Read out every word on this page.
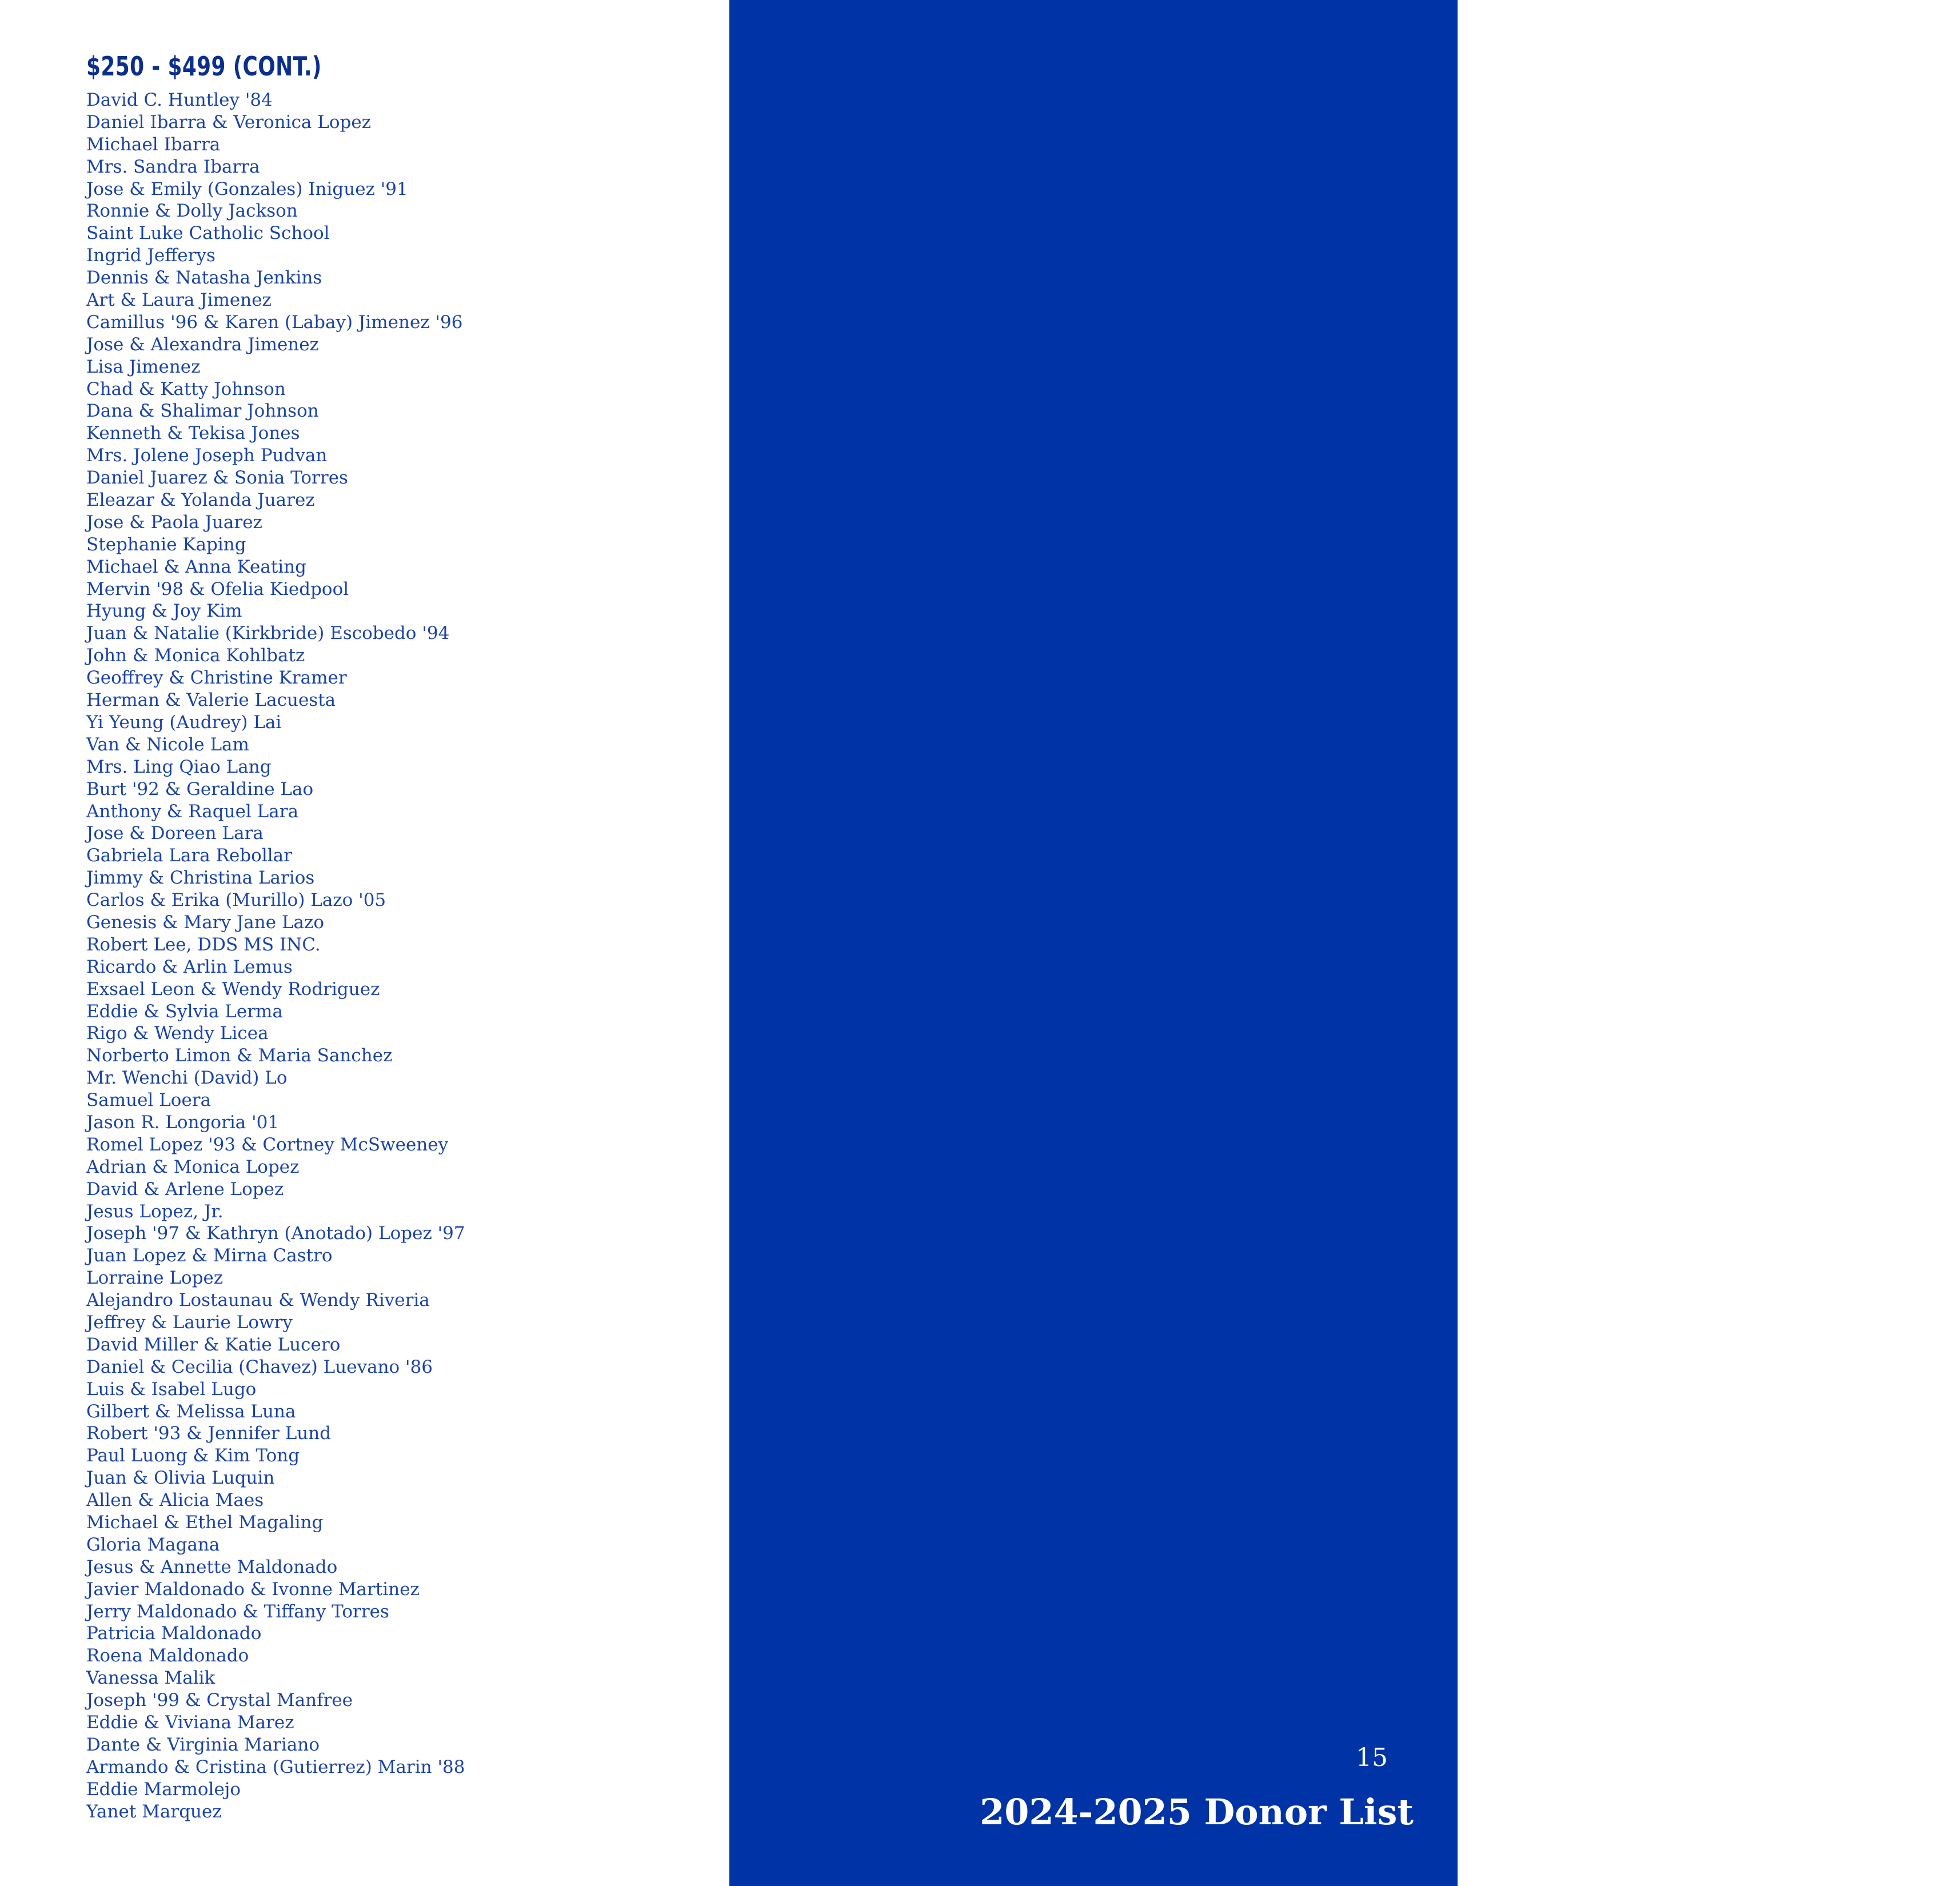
$250 - $499 (CONT.)
David C. Huntley '84
Daniel Ibarra & Veronica Lopez
Michael Ibarra
Mrs. Sandra Ibarra
Jose & Emily (Gonzales) Iniguez '91
Ronnie & Dolly Jackson
Saint Luke Catholic School
Ingrid Jefferys
Dennis & Natasha Jenkins
Art & Laura Jimenez
Camillus '96 & Karen (Labay) Jimenez '96
Jose & Alexandra Jimenez
Lisa Jimenez
Chad & Katty Johnson
Dana & Shalimar Johnson
Kenneth & Tekisa Jones
Mrs. Jolene Joseph Pudvan
Daniel Juarez & Sonia Torres
Eleazar & Yolanda Juarez
Jose & Paola Juarez
Stephanie Kaping
Michael & Anna Keating
Mervin '98 & Ofelia Kiedpool
Hyung & Joy Kim
Juan & Natalie (Kirkbride) Escobedo '94
John & Monica Kohlbatz
Geoffrey & Christine Kramer
Herman & Valerie Lacuesta
Yi Yeung (Audrey) Lai
Van & Nicole Lam
Mrs. Ling Qiao Lang
Burt '92 & Geraldine Lao
Anthony & Raquel Lara
Jose & Doreen Lara
Gabriela Lara Rebollar
Jimmy & Christina Larios
Carlos & Erika (Murillo) Lazo '05
Genesis & Mary Jane Lazo
Robert Lee, DDS MS INC.
Ricardo & Arlin Lemus
Exsael Leon & Wendy Rodriguez
Eddie & Sylvia Lerma
Rigo & Wendy Licea
Norberto Limon & Maria Sanchez
Mr. Wenchi (David) Lo
Samuel Loera
Jason R. Longoria '01
Romel Lopez '93 & Cortney McSweeney
Adrian & Monica Lopez
David & Arlene Lopez
Jesus Lopez, Jr.
Joseph '97 & Kathryn (Anotado) Lopez '97
Juan Lopez & Mirna Castro
Lorraine Lopez
Alejandro Lostaunau & Wendy Riveria
Jeffrey & Laurie Lowry
David Miller & Katie Lucero
Daniel & Cecilia (Chavez) Luevano '86
Luis & Isabel Lugo
Gilbert & Melissa Luna
Robert '93 & Jennifer Lund
Paul Luong & Kim Tong
Juan & Olivia Luquin
Allen & Alicia Maes
Michael & Ethel Magaling
Gloria Magana
Jesus & Annette Maldonado
Javier Maldonado & Ivonne Martinez
Jerry Maldonado & Tiffany Torres
Patricia Maldonado
Roena Maldonado
Vanessa Malik
Joseph '99 & Crystal Manfree
Eddie & Viviana Marez
Dante & Virginia Mariano
Armando & Cristina (Gutierrez) Marin '88
Eddie Marmolejo
Yanet Marquez
Joemax & Ma Martin
August & Grace Martinez
David & Darlene Martinez
Erick & Lourdes Martinez
Eugenio Martinez & Tanya Gomez
Cindy Mata
Calla Matheus Cruz
Ricardo & Maria Matos
Jose & Yolanda Mayorga
Daniel & Beatriz Mayorquin
Miguel '88 & Diana Medina
Mario & Gema Medina
Eduardo & Elena (Hernandez) Medina '93
Armando '02 & Michelle (Salazar) Medina '02
Jesus & Lisbet Medina
Joe Medina
Joseph & Jeniley Medina
Mary-Lou Melero
Alondra Mendoza
Jorge Mendoza & Dilcia Giron
Mayra Mendoza
Anthony & Lupe Mennillo
Roberto Mentado & Beverly Nunez
Santos & Carmen Merino
Vanessa Meza
William & Maria Miller
Leonard & Annamarie (Grana) Miller '71
John & Marisela Miranda
Efren '96 & Joanna Miranda
Stephanie Montes
Ms. Maria Moore-Singh
Diana Mora
Sergio & Roseann Morales
Juan & Alma (Mendez) Moreno '87
Eduardo & Mayra Moreno
Erika Munoz
Ramiro & Berda Munoz
Joseph & Rodelyn Munsayac
Gabriel & Brenda Murillo
Honorable Daniel S. Murphy '80 & Patricia Murphy
Nelson & Cecilia Naguit
Marc '97 & Jacqueline (Olivas) Natividad '97
Jose & Maria Nava
Javier Navar & Teresa Garcia
Daniel & Heidi Navarre
Sandra Navas
Christian Negrete & Marisa Trujillo
Javier & Piedad Neri
Robert Nicholson
Caster & Rosemarie Nicolas
Eduardo & Tessa Nilo
Danny & Ericka Nunez
Efren Obrador & Mary Anne Quijano
Brian '93 & Elizabeth Ochoa
Cecilia Ochoa
Oscar & Francisca Olivas
Aracely Orduño
Mr. Rudy Orona
Mario & Herlinda Orozco
Cindy Orozco
Hector Orozco & Margaret Agus
Luis & Nancy Orozco
Michael & Yolanda Orozco
Francisco Ortega & Felicita Flemenco
Brandon '98 & Monica (Moronez) Ortiz '98
Eduardo & Lyzette (Robles) Ortiz '07
Alejandro Ortiz
Antonio & Noemi Ortiz
Gerardo & Maria Ortiz
Ramiro & Angelica Ortiz
Shawn & Claudia Ortiz
Denise Otero
Maxemilian & Dana Padilla
Hector & Noemi Paez
15
2024-2025 Donor List
